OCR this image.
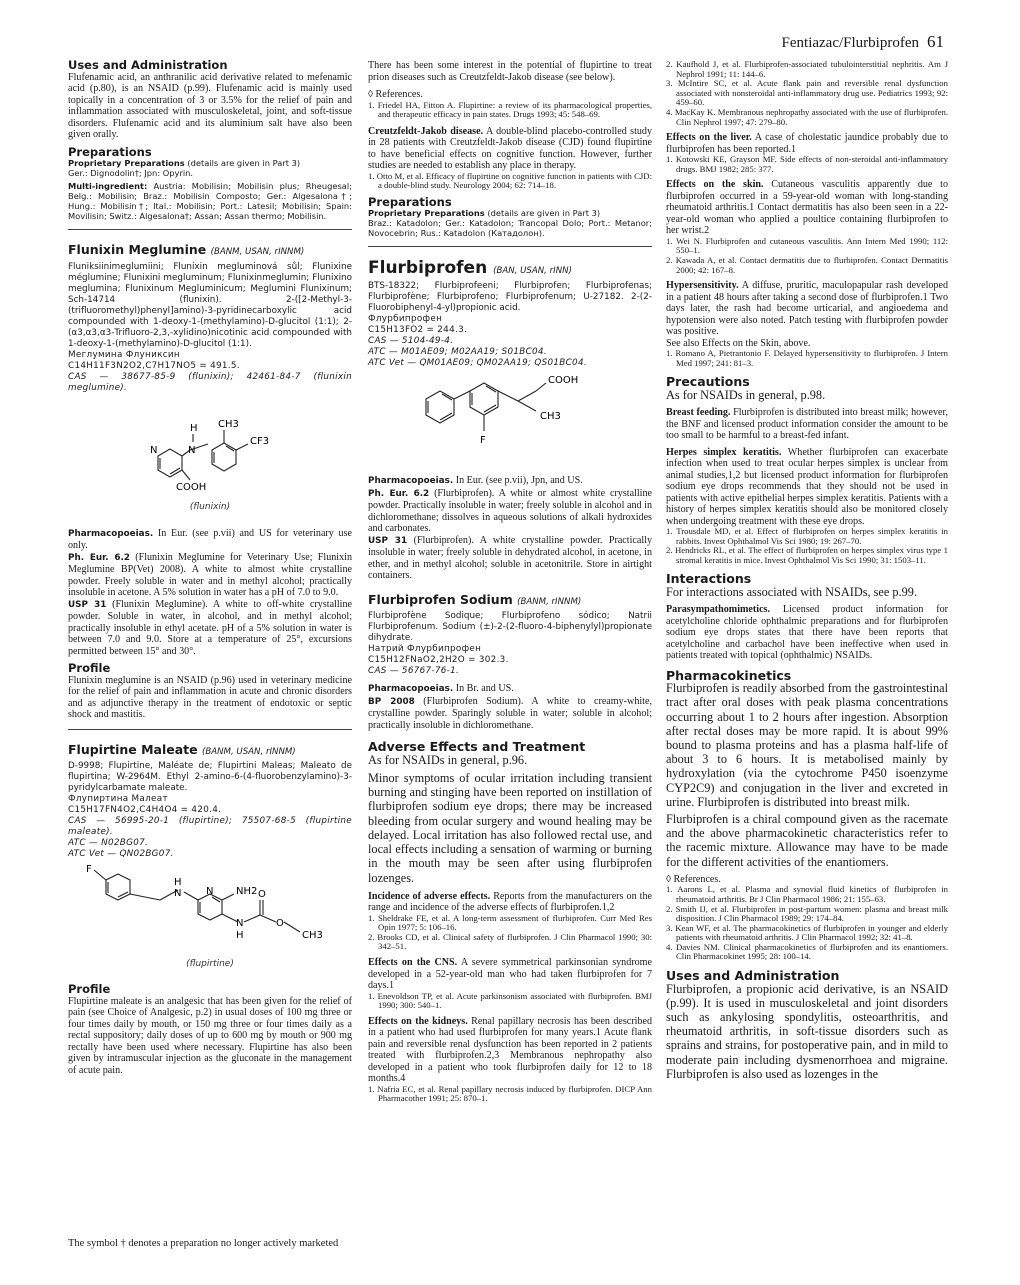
Fentiazac/Flurbiprofen 61
Uses and Administration

Flufenamic acid, an anthranilic acid derivative related to mefenamic acid (p.80), is an NSAID (p.99). Flufenamic acid is mainly used topically in a concentration of 3 or 3.5% for the relief of pain and inflammation associated with musculoskeletal, joint, and soft-tissue disorders. Flufenamic acid and its aluminium salt have also been given orally.

Preparations

Proprietary Preparations (details are given in Part 3)

Ger.: Dignodolin†; Jpn: Opyrin.

Multi-ingredient: Austria: Mobilisin; Mobilisin plus; Rheugesal; Belg.: Mobilisin; Braz.: Mobilisin Composto; Ger.: Algesalona†; Hung.: Mobilisin†; Ital.: Mobilisin; Port.: Latesil; Mobilisin; Spain: Movilisin; Switz.: Algesalona†; Assan; Assan thermo; Mobilisin.

Flunixin Meglumine (BANM, USAN, rINNM)

Fluniksiinimeglumiini; Flunixin megluminová sůl; Flunixine méglumine; Flunixini megluminum; Flunixinmeglumin; Flunixino meglumina; Flunixinum Megluminicum; Meglumini Flunixinum; Sch-14714 (flunixin). 2-([2-Methyl-3-(trifluoromethyl)phenyl]amino)-3-pyridinecarboxylic acid compounded with 1-deoxy-1-(methylamino)-D-glucitol (1:1); 2-(α3,α3,α3-Trifluoro-2,3,-xylidino)nicotinic acid compounded with 1-deoxy-1-(methylamino)-D-glucitol (1:1).

Меглумина Флуниксин

C14H11F3N2O2,C7H17NO5 = 491.5.

CAS — 38677-85-9 (flunixin); 42461-84-7 (flunixin meglumine).

N	N
H CH3
CF3
COOH
(flunixin)

Pharmacopoeias. In Eur. (see p.vii) and US for veterinary use only.

Ph. Eur. 6.2 (Flunixin Meglumine for Veterinary Use; Flunixin Meglumine BP(Vet) 2008). A white to almost white crystalline powder. Freely soluble in water and in methyl alcohol; practically insoluble in acetone. A 5% solution in water has a pH of 7.0 to 9.0.

USP 31 (Flunixin Meglumine). A white to off-white crystalline powder. Soluble in water, in alcohol, and in methyl alcohol; practically insoluble in ethyl acetate. pH of a 5% solution in water is between 7.0 and 9.0. Store at a temperature of 25°, excursions permitted between 15° and 30°.

Profile

Flunixin meglumine is an NSAID (p.96) used in veterinary medicine for the relief of pain and inflammation in acute and chronic disorders and as adjunctive therapy in the treatment of endotoxic or septic shock and mastitis.

Flupirtine Maleate (BANM, USAN, rINNM)

D-9998; Flupirtine, Maléate de; Flupirtini Maleas; Maleato de flupirtina; W-2964M. Ethyl 2-amino-6-(4-fluorobenzylamino)-3-pyridylcarbamate maleate.

Флупиртина Малеат

C15H17FN4O2,C4H4O4 = 420.4.

CAS — 56995-20-1 (flupirtine); 75507-68-5 (flupirtine maleate).

ATC — N02BG07.

ATC Vet — QN02BG07.

F
H
N N NH2 O
O
N
H	CH3
(flupirtine)
Profile

Flupirtine maleate is an analgesic that has been given for the relief of pain (see Choice of Analgesic, p.2) in usual doses of 100 mg three or four times daily by mouth, or 150 mg three or four times daily as a rectal suppository; daily doses of up to 600 mg by mouth or 900 mg rectally have been used where necessary. Flupirtine has also been given by intramuscular injection as the gluconate in the management of acute pain.

There has been some interest in the potential of flupirtine to treat prion diseases such as Creutzfeldt-Jakob disease (see below).

◊ References.

1. Friedel HA, Fitton A. Flupirtine: a review of its pharmacological properties, and therapeutic efficacy in pain states. Drugs 1993; 45: 548–69.

Creutzfeldt-Jakob disease. A double-blind placebo-controlled study in 28 patients with Creutzfeldt-Jakob disease (CJD) found flupirtine to have beneficial effects on cognitive function. However, further studies are needed to establish any place in therapy.

1. Otto M, et al. Efficacy of flupirtine on cognitive function in patients with CJD: a double-blind study. Neurology 2004; 62: 714–18.

Preparations

Proprietary Preparations (details are given in Part 3)

Braz.: Katadolon; Ger.: Katadolon; Trancopal Dolo; Port.: Metanor; Novocebrin; Rus.: Katadolon (Катадолон).

Flurbiprofen (BAN, USAN, rINN)

BTS-18322; Flurbiprofeeni; Flurbiprofen; Flurbiprofenas; Flurbiprofène; Flurbiprofeno; Flurbiprofenum; U-27182. 2-(2-Fluorobiphenyl-4-yl)propionic acid.

Флурбипрофен

C15H13FO2 = 244.3.

CAS — 5104-49-4.

ATC — M01AE09; M02AA19; S01BC04.

ATC Vet — QM01AE09; QM02AA19; QS01BC04.

COOH
CH3
F

Pharmacopoeias. In Eur. (see p.vii), Jpn, and US.

Ph. Eur. 6.2 (Flurbiprofen). A white or almost white crystalline powder. Practically insoluble in water; freely soluble in alcohol and in dichloromethane; dissolves in aqueous solutions of alkali hydroxides and carbonates.

USP 31 (Flurbiprofen). A white crystalline powder. Practically insoluble in water; freely soluble in dehydrated alcohol, in acetone, in ether, and in methyl alcohol; soluble in acetonitrile. Store in airtight containers.

Flurbiprofen Sodium (BANM, rINNM)

Flurbiprofène Sodique; Flurbiprofeno sódico; Natrii Flurbiprofenum. Sodium (±)-2-(2-fluoro-4-biphenylyl)propionate dihydrate.

Натрий Флурбипрофен

C15H12FNaO2,2H2O = 302.3.

CAS — 56767-76-1.

Pharmacopoeias. In Br. and US.

BP 2008 (Flurbiprofen Sodium). A white to creamy-white, crystalline powder. Sparingly soluble in water; soluble in alcohol; practically insoluble in dichloromethane.

Adverse Effects and Treatment

As for NSAIDs in general, p.96.

Minor symptoms of ocular irritation including transient burning and stinging have been reported on instillation of flurbiprofen sodium eye drops; there may be increased bleeding from ocular surgery and wound healing may be delayed. Local irritation has also followed rectal use, and local effects including a sensation of warming or burning in the mouth may be seen after using flurbiprofen lozenges.

Incidence of adverse effects. Reports from the manufacturers on the range and incidence of the adverse effects of flurbiprofen.1,2

1. Sheldrake FE, et al. A long-term assessment of flurbiprofen. Curr Med Res Opin 1977; 5: 106–16.

2. Brooks CD, et al. Clinical safety of flurbiprofen. J Clin Pharmacol 1990; 30: 342–51.

Effects on the CNS. A severe symmetrical parkinsonian syndrome developed in a 52-year-old man who had taken flurbiprofen for 7 days.1

1. Enevoldson TP, et al. Acute parkinsonism associated with flurbiprofen. BMJ 1990; 300: 540–1.

Effects on the kidneys. Renal papillary necrosis has been described in a patient who had used flurbiprofen for many years.1 Acute flank pain and reversible renal dysfunction has been reported in 2 patients treated with flurbiprofen.2,3 Membranous nephropathy also developed in a patient who took flurbiprofen daily for 12 to 18 months.4

1. Nafria EC, et al. Renal papillary necrosis induced by flurbiprofen. DICP Ann Pharmacother 1991; 25: 870–1.

2. Kaufhold J, et al. Flurbiprofen-associated tubulointerstitial nephritis. Am J Nephrol 1991; 11: 144–6.

3. McIntire SC, et al. Acute flank pain and reversible renal dysfunction associated with nonsteroidal anti-inflammatory drug use. Pediatrics 1993; 92: 459–60.

4. MacKay K. Membranous nephropathy associated with the use of flurbiprofen. Clin Nephrol 1997; 47: 279–80.

Effects on the liver. A case of cholestatic jaundice probably due to flurbiprofen has been reported.1

1. Kotowski KE, Grayson MF. Side effects of non-steroidal anti-inflammatory drugs. BMJ 1982; 285: 377.

Effects on the skin. Cutaneous vasculitis apparently due to flurbiprofen occurred in a 59-year-old woman with long-standing rheumatoid arthritis.1 Contact dermatitis has also been seen in a 22-year-old woman who applied a poultice containing flurbiprofen to her wrist.2

1. Wei N. Flurbiprofen and cutaneous vasculitis. Ann Intern Med 1990; 112: 550–1.

2. Kawada A, et al. Contact dermatitis due to flurbiprofen. Contact Dermatitis 2000; 42: 167–8.

Hypersensitivity. A diffuse, pruritic, maculopapular rash developed in a patient 48 hours after taking a second dose of flurbiprofen.1 Two days later, the rash had become urticarial, and angioedema and hypotension were also noted. Patch testing with flurbiprofen powder was positive.

See also Effects on the Skin, above.

1. Romano A, Pietrantonio F. Delayed hypersensitivity to flurbiprofen. J Intern Med 1997; 241: 81–3.

Precautions

As for NSAIDs in general, p.98.

Breast feeding. Flurbiprofen is distributed into breast milk; however, the BNF and licensed product information consider the amount to be too small to be harmful to a breast-fed infant.

Herpes simplex keratitis. Whether flurbiprofen can exacerbate infection when used to treat ocular herpes simplex is unclear from animal studies,1,2 but licensed product information for flurbiprofen sodium eye drops recommends that they should not be used in patients with active epithelial herpes simplex keratitis. Patients with a history of herpes simplex keratitis should also be monitored closely when undergoing treatment with these eye drops.

1. Trousdale MD, et al. Effect of flurbiprofen on herpes simplex keratitis in rabbits. Invest Ophthalmol Vis Sci 1980; 19: 267–70.

2. Hendricks RL, et al. The effect of flurbiprofen on herpes simplex virus type 1 stromal keratitis in mice. Invest Ophthalmol Vis Sci 1990; 31: 1503–11.

Interactions

For interactions associated with NSAIDs, see p.99.

Parasympathomimetics. Licensed product information for acetylcholine chloride ophthalmic preparations and for flurbiprofen sodium eye drops states that there have been reports that acetylcholine and carbachol have been ineffective when used in patients treated with topical (ophthalmic) NSAIDs.

Pharmacokinetics

Flurbiprofen is readily absorbed from the gastrointestinal tract after oral doses with peak plasma concentrations occurring about 1 to 2 hours after ingestion. Absorption after rectal doses may be more rapid. It is about 99% bound to plasma proteins and has a plasma half-life of about 3 to 6 hours. It is metabolised mainly by hydroxylation (via the cytochrome P450 isoenzyme CYP2C9) and conjugation in the liver and excreted in urine. Flurbiprofen is distributed into breast milk.

Flurbiprofen is a chiral compound given as the racemate and the above pharmacokinetic characteristics refer to the racemic mixture. Allowance may have to be made for the different activities of the enantiomers.

◊ References.

1. Aarons L, et al. Plasma and synovial fluid kinetics of flurbiprofen in rheumatoid arthritis. Br J Clin Pharmacol 1986; 21: 155–63.

2. Smith IJ, et al. Flurbiprofen in post-partum women: plasma and breast milk disposition. J Clin Pharmacol 1989; 29: 174–84.

3. Kean WF, et al. The pharmacokinetics of flurbiprofen in younger and elderly patients with rheumatoid arthritis. J Clin Pharmacol 1992; 32: 41–8.

4. Davies NM. Clinical pharmacokinetics of flurbiprofen and its enantiomers. Clin Pharmacokinet 1995; 28: 100–14.

Uses and Administration

Flurbiprofen, a propionic acid derivative, is an NSAID (p.99). It is used in musculoskeletal and joint disorders such as ankylosing spondylitis, osteoarthritis, and rheumatoid arthritis, in soft-tissue disorders such as sprains and strains, for postoperative pain, and in mild to moderate pain including dysmenorrhoea and migraine. Flurbiprofen is also used as lozenges in the

The symbol † denotes a preparation no longer actively marketed
